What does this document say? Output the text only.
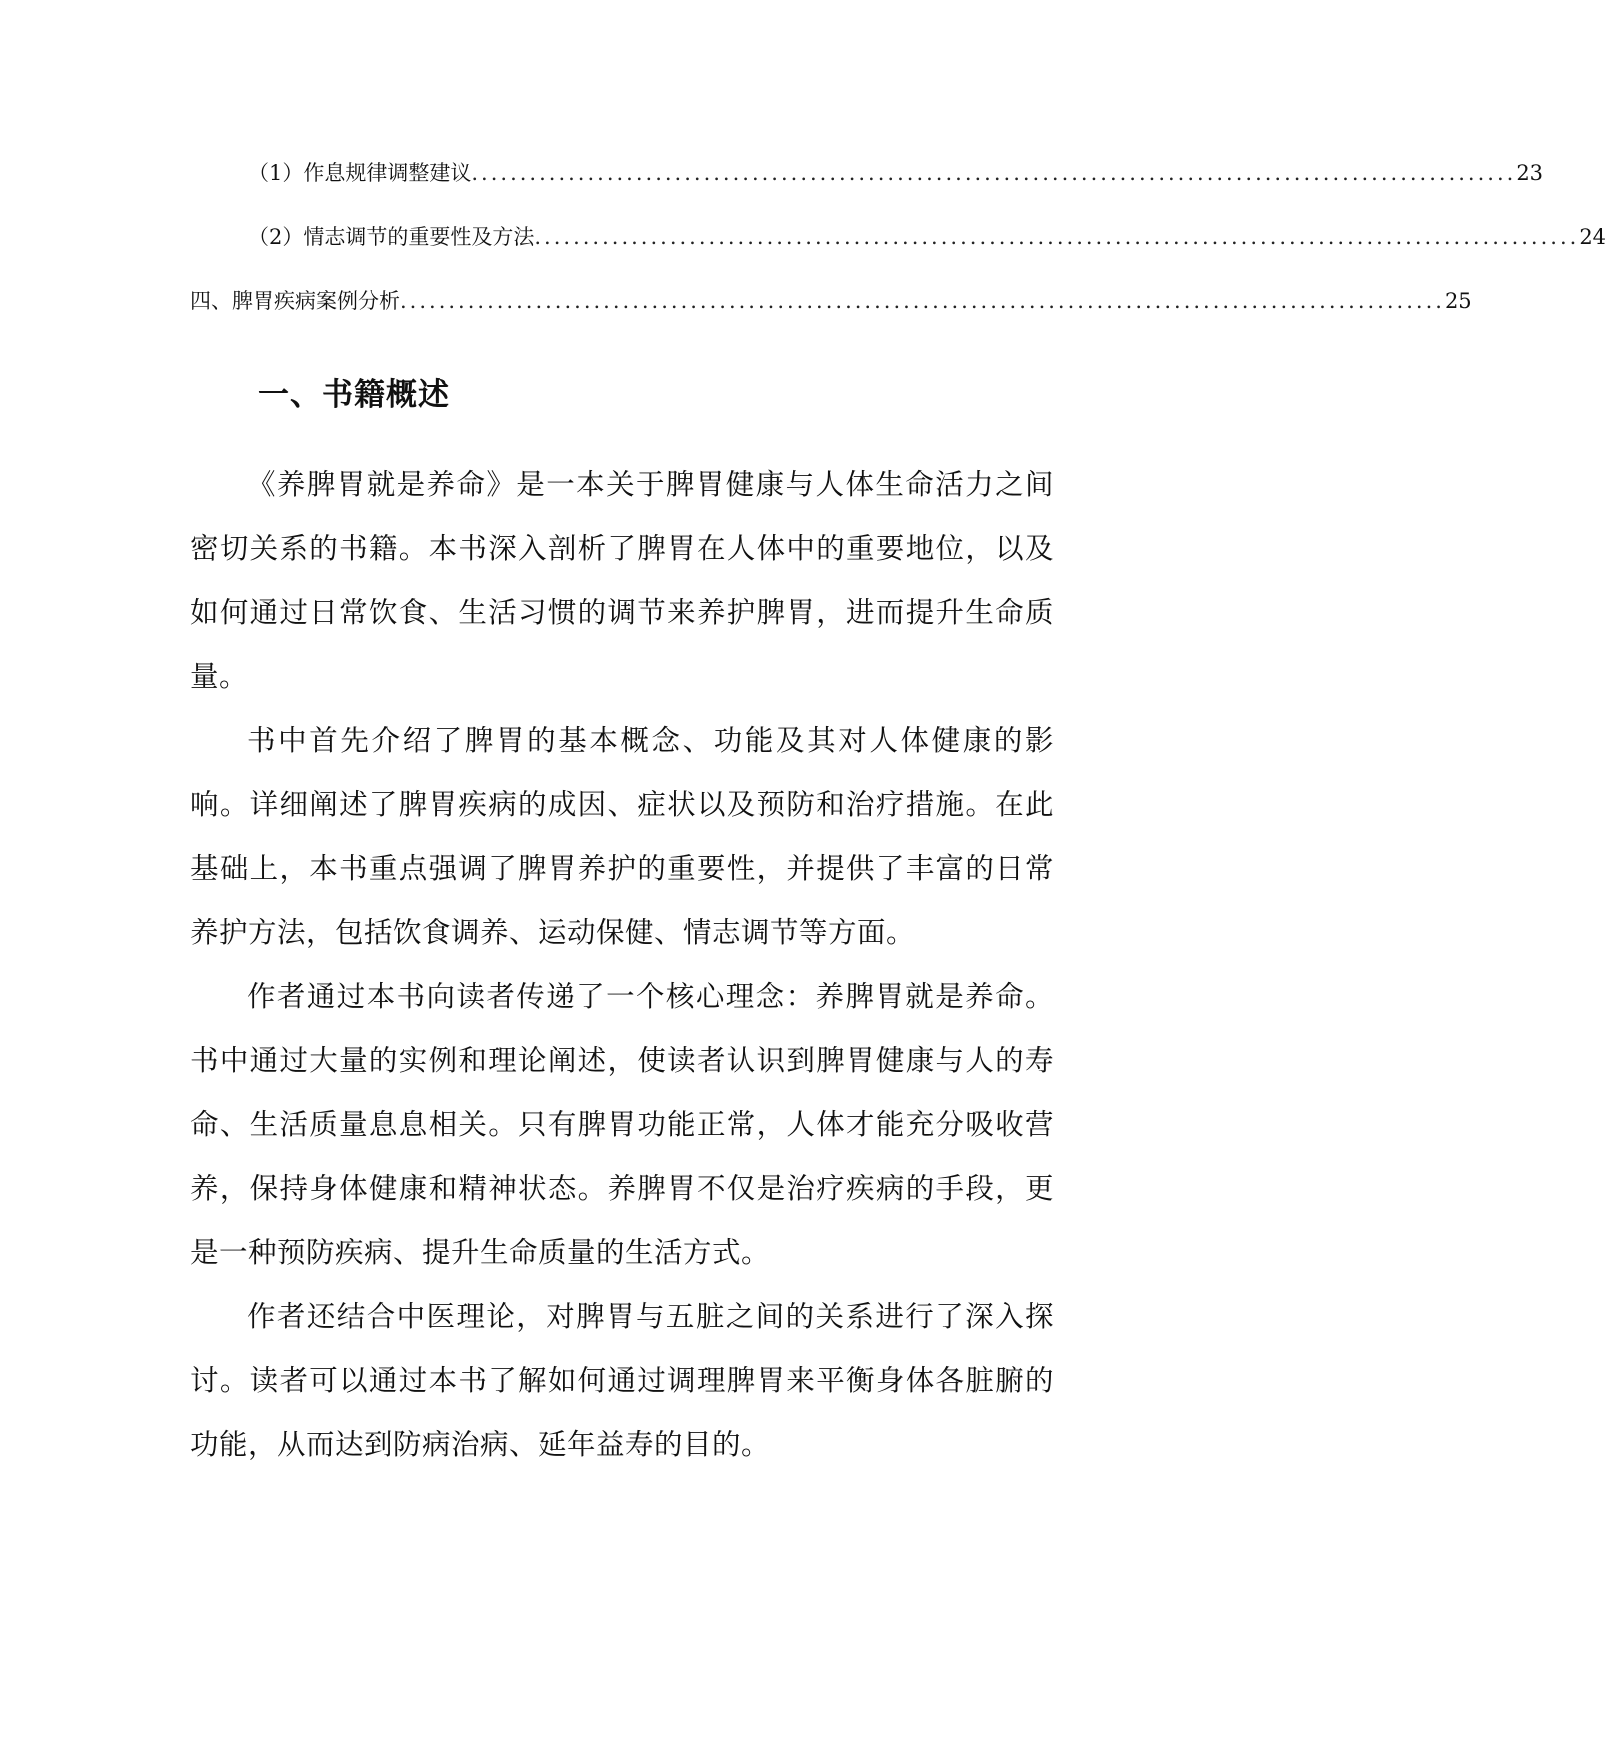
（1）作息规律调整建议 ............................................................................................................ 23
（2）情志调节的重要性及方法 ............................................................................................................ 24
四、脾胃疾病案例分析 ............................................................................................................ 25
一、书籍概述

《养脾胃就是养命》是一本关于脾胃健康与人体生命活力之间密切关系的书籍。本书深入剖析了脾胃在人体中的重要地位，以及如何通过日常饮食、生活习惯的调节来养护脾胃，进而提升生命质量。

书中首先介绍了脾胃的基本概念、功能及其对人体健康的影响。详细阐述了脾胃疾病的成因、症状以及预防和治疗措施。在此基础上，本书重点强调了脾胃养护的重要性，并提供了丰富的日常养护方法，包括饮食调养、运动保健、情志调节等方面。

作者通过本书向读者传递了一个核心理念：养脾胃就是养命。书中通过大量的实例和理论阐述，使读者认识到脾胃健康与人的寿命、生活质量息息相关。只有脾胃功能正常，人体才能充分吸收营养，保持身体健康和精神状态。养脾胃不仅是治疗疾病的手段，更是一种预防疾病、提升生命质量的生活方式。

作者还结合中医理论，对脾胃与五脏之间的关系进行了深入探讨。读者可以通过本书了解如何通过调理脾胃来平衡身体各脏腑的功能，从而达到防病治病、延年益寿的目的。
